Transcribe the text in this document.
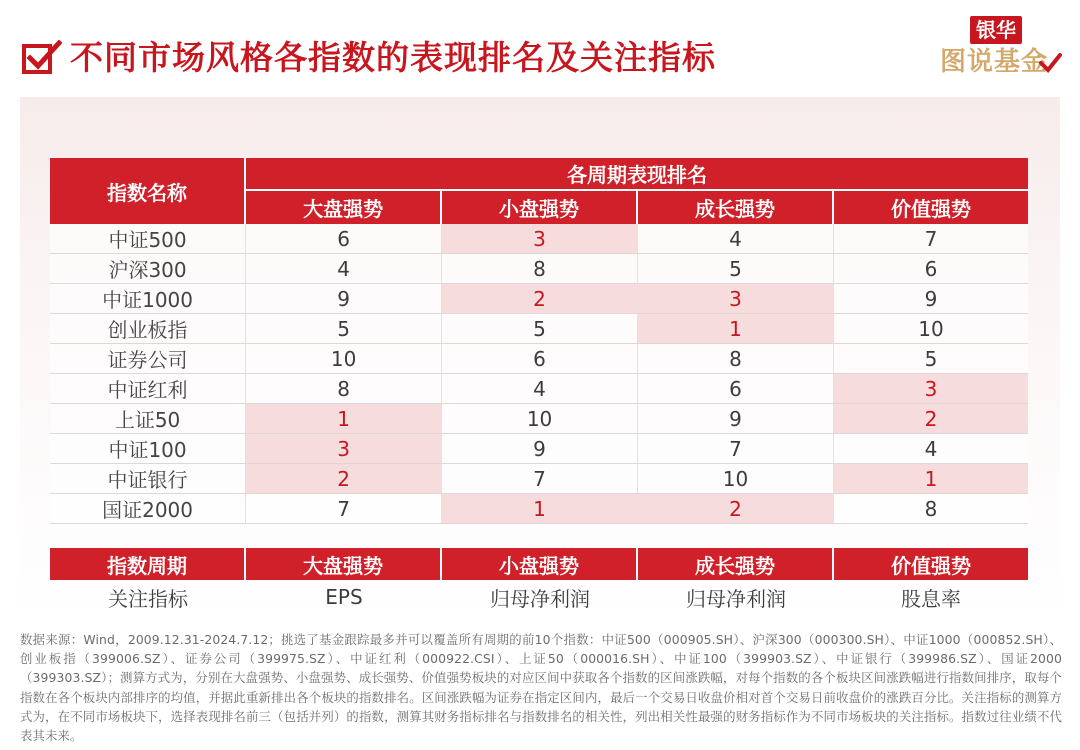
不同市场风格各指数的表现排名及关注指标
银华
图说基金
指数名称	各周期表现排名			
	大盘强势	小盘强势	成长强势	价值强势
中证500	6	3	4	7
沪深300	4	8	5	6
中证1000	9	2	3	9
创业板指	5	5	1	10
证券公司	10	6	8	5
中证红利	8	4	6	3
上证50	1	10	9	2
中证100	3	9	7	4
中证银行	2	7	10	1
国证2000	7	1	2	8
指数周期	大盘强势	小盘强势	成长强势	价值强势
关注指标	EPS	归母净利润	归母净利润	股息率
数据来源：Wind，2009.12.31-2024.7.12；挑选了基金跟踪最多并可以覆盖所有周期的前10个指数：中证500（000905.SH）、沪深300（000300.SH）、中证1000（000852.SH）、创业板指（399006.SZ）、证券公司（399975.SZ）、中证红利（000922.CSI）、上证50（000016.SH）、中证100（399903.SZ）、中证银行（399986.SZ）、国证2000（399303.SZ）；测算方式为，分别在大盘强势、小盘强势、成长强势、价值强势板块的对应区间中获取各个指数的区间涨跌幅，对每个指数的各个板块区间涨跌幅进行指数间排序，取每个指数在各个板块内部排序的均值，并据此重新排出各个板块的指数排名。区间涨跌幅为证券在指定区间内，最后一个交易日收盘价相对首个交易日前收盘价的涨跌百分比。关注指标的测算方式为，在不同市场板块下，选择表现排名前三（包括并列）的指数，测算其财务指标排名与指数排名的相关性，列出相关性最强的财务指标作为不同市场板块的关注指标。指数过往业绩不代表其未来。
